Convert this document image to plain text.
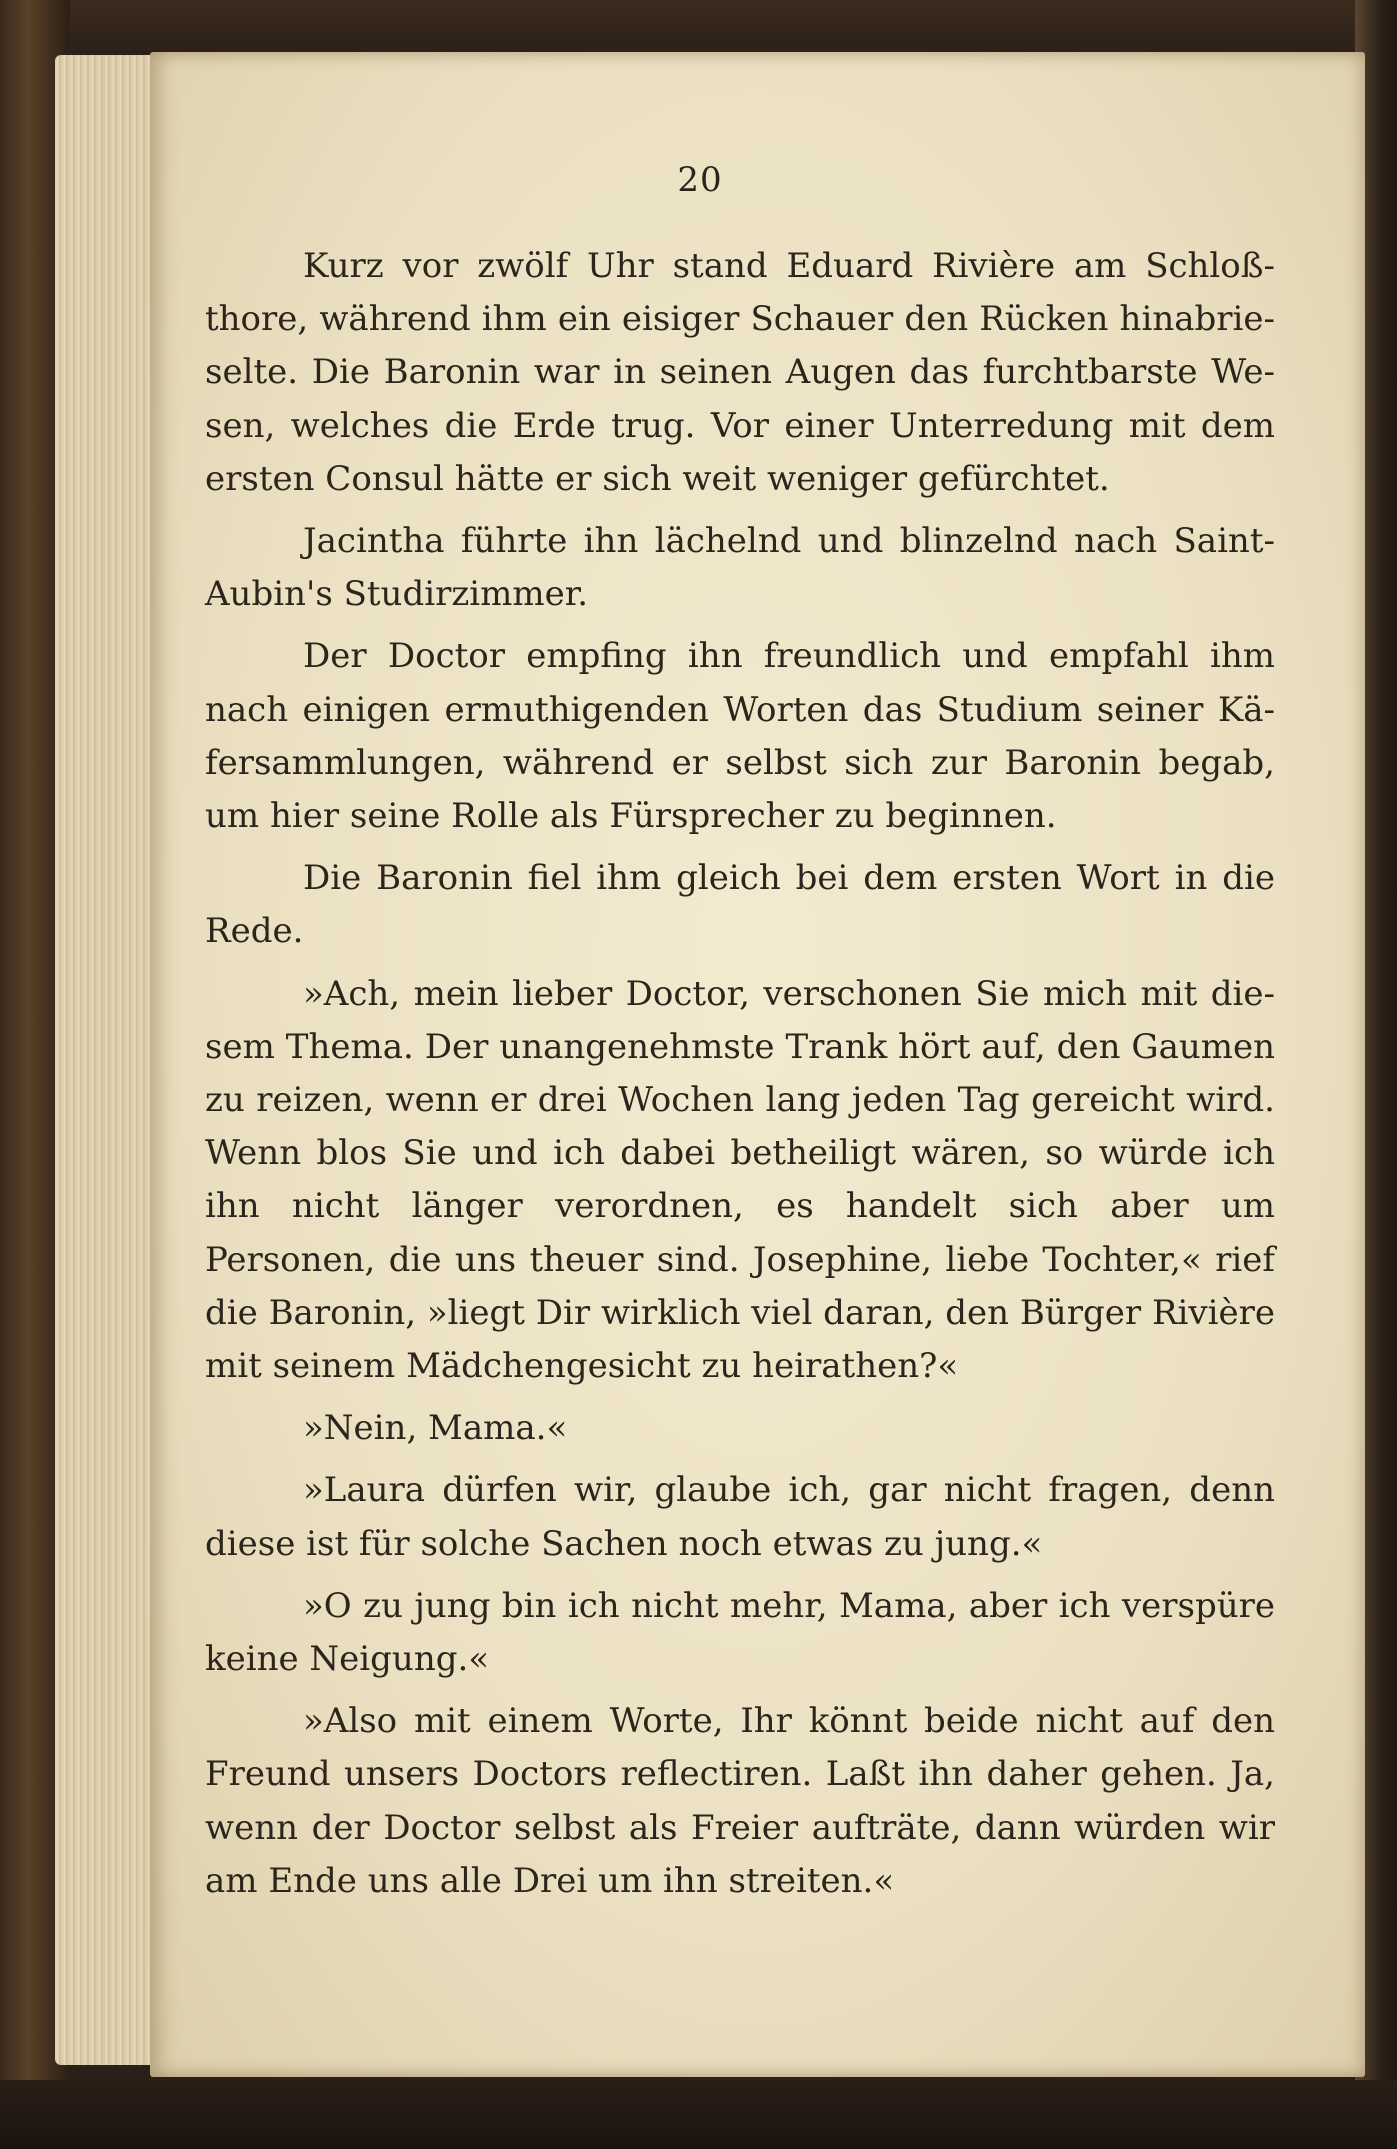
20

Kurz vor zwölf Uhr stand Eduard Rivière am Schloßthore, während ihm ein eisiger Schauer den Rücken hinabrieselte. Die Baronin war in seinen Augen das furchtbarste Wesen, welches die Erde trug. Vor einer Unterredung mit dem ersten Consul hätte er sich weit weniger gefürchtet.

Jacintha führte ihn lächelnd und blinzelnd nach Saint-Aubin's Studirzimmer.

Der Doctor empfing ihn freundlich und empfahl ihm nach einigen ermuthigenden Worten das Studium seiner Käfersammlungen, während er selbst sich zur Baronin begab, um hier seine Rolle als Fürsprecher zu beginnen.

Die Baronin fiel ihm gleich bei dem ersten Wort in die Rede.

»Ach, mein lieber Doctor, verschonen Sie mich mit diesem Thema. Der unangenehmste Trank hört auf, den Gaumen zu reizen, wenn er drei Wochen lang jeden Tag gereicht wird. Wenn blos Sie und ich dabei betheiligt wären, so würde ich ihn nicht länger verordnen, es handelt sich aber um Personen, die uns theuer sind. Josephine, liebe Tochter,« rief die Baronin, »liegt Dir wirklich viel daran, den Bürger Rivière mit seinem Mädchengesicht zu heirathen?«

»Nein, Mama.«

»Laura dürfen wir, glaube ich, gar nicht fragen, denn diese ist für solche Sachen noch etwas zu jung.«

»O zu jung bin ich nicht mehr, Mama, aber ich verspüre keine Neigung.«

»Also mit einem Worte, Ihr könnt beide nicht auf den Freund unsers Doctors reflectiren. Laßt ihn daher gehen. Ja, wenn der Doctor selbst als Freier aufträte, dann würden wir am Ende uns alle Drei um ihn streiten.«
